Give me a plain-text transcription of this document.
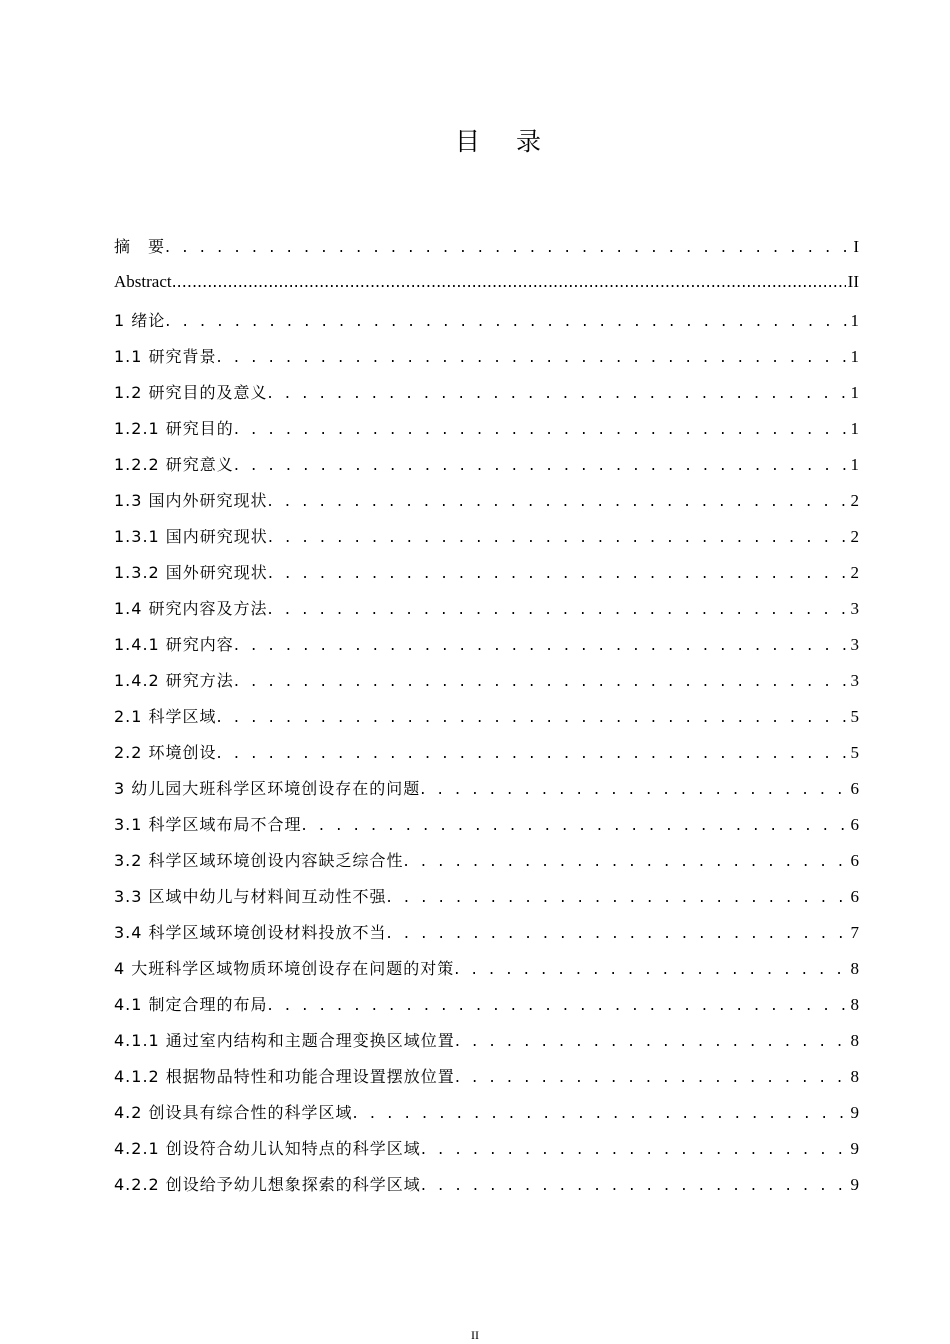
目 录
摘　要 . . .	I
Abstract .....	II
1 绪论 . . .	1
1.1 研究背景 . . .	1
1.2 研究目的及意义 . . .	1
1.2.1 研究目的 . . .	1
1.2.2 研究意义 . . .	1
1.3 国内外研究现状 . . .	2
1.3.1 国内研究现状 . . .	2
1.3.2 国外研究现状 . . .	2
1.4 研究内容及方法 . . .	3
1.4.1 研究内容 . . .	3
1.4.2 研究方法 . . .	3
2.1 科学区域 . . .	5
2.2 环境创设 . . .	5
3 幼儿园大班科学区环境创设存在的问题 . . .	6
3.1 科学区域布局不合理 . . .	6
3.2 科学区域环境创设内容缺乏综合性 . . .	6
3.3 区域中幼儿与材料间互动性不强 . . .	6
3.4 科学区域环境创设材料投放不当 . . .	7
4 大班科学区域物质环境创设存在问题的对策 . . .	8
4.1 制定合理的布局 . . .	8
4.1.1 通过室内结构和主题合理变换区域位置 . . .	8
4.1.2 根据物品特性和功能合理设置摆放位置 . . .	8
4.2 创设具有综合性的科学区域 . . .	9
4.2.1 创设符合幼儿认知特点的科学区域 . . .	9
4.2.2 创设给予幼儿想象探索的科学区域 . . .	9
II
